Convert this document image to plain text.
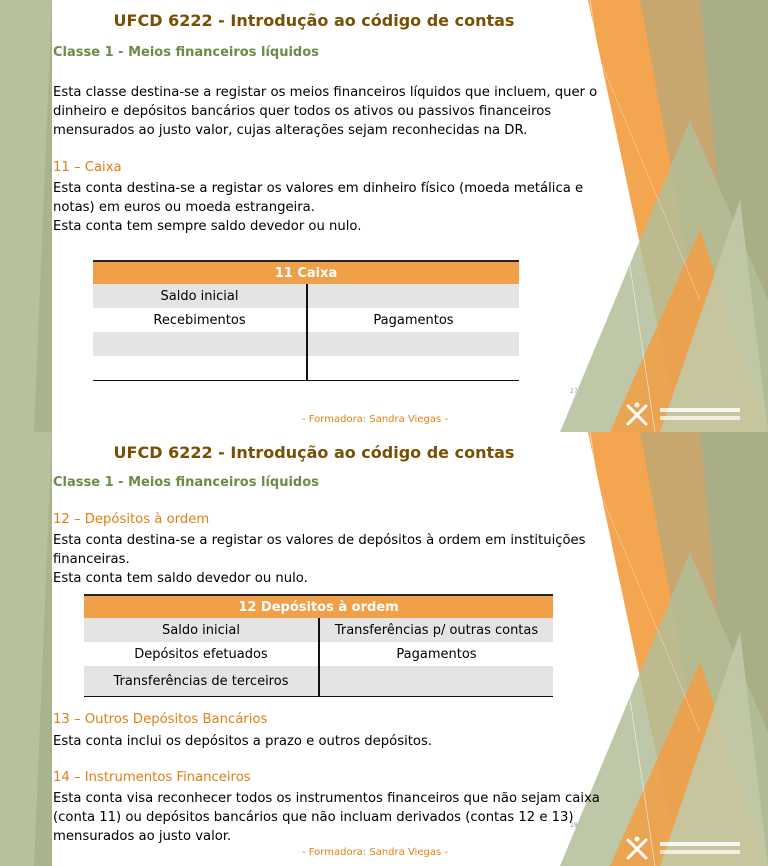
UFCD 6222 - Introdução ao código de contas
Classe 1 - Meios financeiros líquidos
Esta classe destina-se a registar os meios financeiros líquidos que incluem, quer o
dinheiro e depósitos bancários quer todos os ativos ou passivos financeiros
mensurados ao justo valor, cujas alterações sejam reconhecidas na DR.
11 – Caixa
Esta conta destina-se a registar os valores em dinheiro físico (moeda metálica e
notas) em euros ou moeda estrangeira.
Esta conta tem sempre saldo devedor ou nulo.
11 Caixa	
Saldo inicial	
Recebimentos	Pagamentos

27
- Formadora: Sandra Viegas -
UFCD 6222 - Introdução ao código de contas
Classe 1 - Meios financeiros líquidos
12 – Depósitos à ordem
Esta conta destina-se a registar os valores de depósitos à ordem em instituições
financeiras.
Esta conta tem saldo devedor ou nulo.
12 Depósitos à ordem	
Saldo inicial	Transferências p/ outras contas
Depósitos efetuados	Pagamentos
Transferências de terceiros	
13 – Outros Depósitos Bancários
Esta conta inclui os depósitos a prazo e outros depósitos.
14 – Instrumentos Financeiros
Esta conta visa reconhecer todos os instrumentos financeiros que não sejam caixa
(conta 11) ou depósitos bancários que não incluam derivados (contas 12 e 13)
mensurados ao justo valor.
28
- Formadora: Sandra Viegas -
